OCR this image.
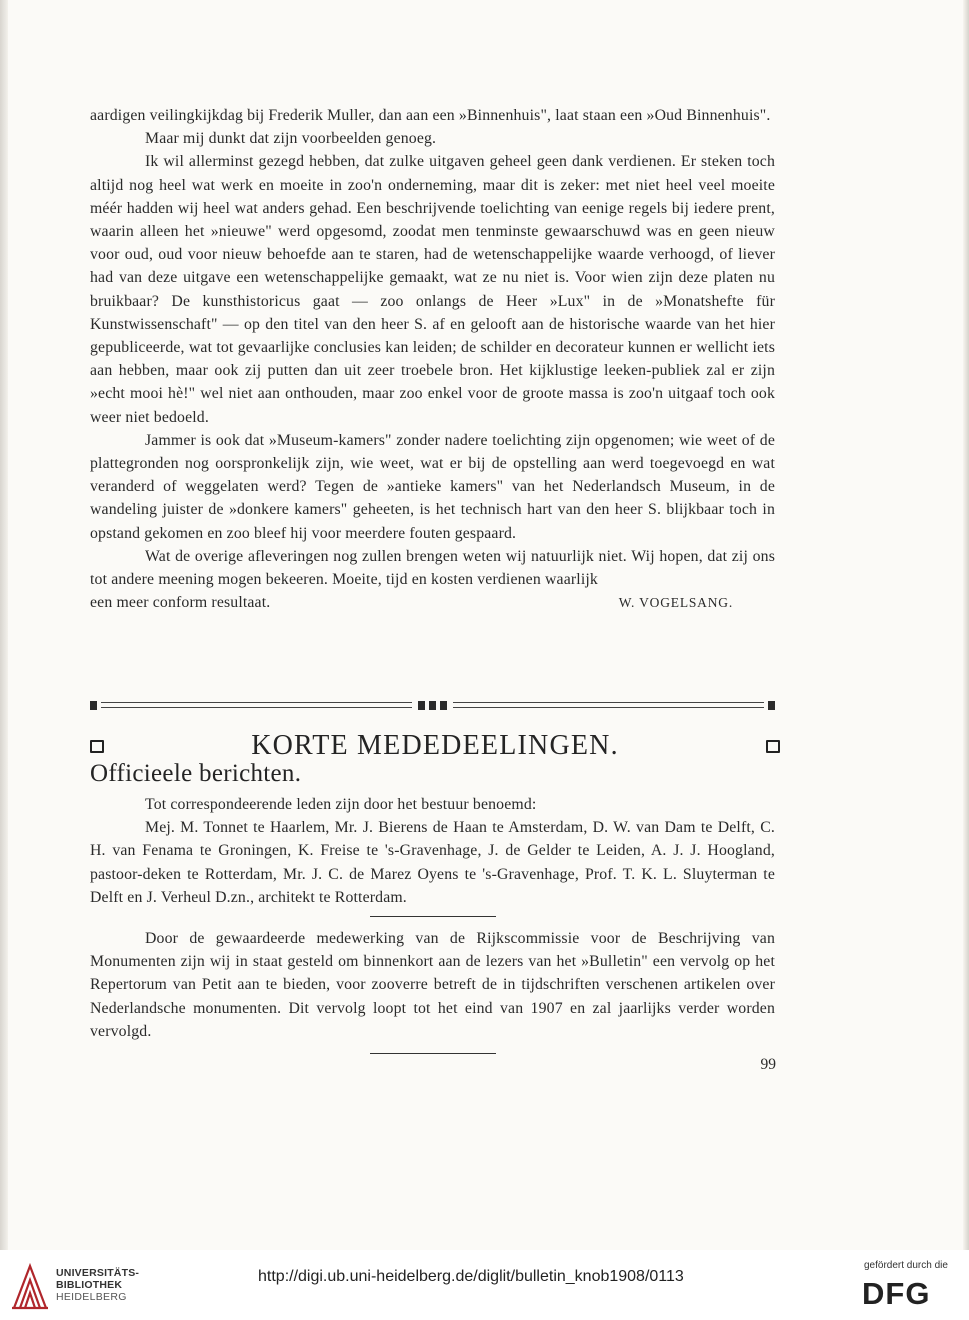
aardigen veilingkijkdag bij Frederik Muller, dan aan een »Binnenhuis", laat staan een »Oud Binnenhuis".

Maar mij dunkt dat zijn voorbeelden genoeg.

Ik wil allerminst gezegd hebben, dat zulke uitgaven geheel geen dank verdienen. Er steken toch altijd nog heel wat werk en moeite in zoo'n onderneming, maar dit is zeker: met niet heel veel moeite méér hadden wij heel wat anders gehad. Een beschrijvende toelichting van eenige regels bij iedere prent, waarin alleen het »nieuwe" werd opgesomd, zoodat men tenminste gewaarschuwd was en geen nieuw voor oud, oud voor nieuw behoefde aan te staren, had de wetenschappelijke waarde verhoogd, of liever had van deze uitgave een wetenschappelijke gemaakt, wat ze nu niet is. Voor wien zijn deze platen nu bruikbaar? De kunsthistoricus gaat — zoo onlangs de Heer »Lux" in de »Monatshefte für Kunstwissenschaft" — op den titel van den heer S. af en gelooft aan de historische waarde van het hier gepubliceerde, wat tot gevaarlijke conclusies kan leiden; de schilder en decorateur kunnen er wellicht iets aan hebben, maar ook zij putten dan uit zeer troebele bron. Het kijklustige leeken-publiek zal er zijn »echt mooi hè!" wel niet aan onthouden, maar zoo enkel voor de groote massa is zoo'n uitgaaf toch ook weer niet bedoeld.

Jammer is ook dat »Museum-kamers" zonder nadere toelichting zijn opgenomen; wie weet of de plattegronden nog oorspronkelijk zijn, wie weet, wat er bij de opstelling aan werd toegevoegd en wat veranderd of weggelaten werd? Tegen de »antieke kamers" van het Nederlandsch Museum, in de wandeling juister de »donkere kamers" geheeten, is het technisch hart van den heer S. blijkbaar toch in opstand gekomen en zoo bleef hij voor meerdere fouten gespaard.

Wat de overige afleveringen nog zullen brengen weten wij natuurlijk niet. Wij hopen, dat zij ons tot andere meening mogen bekeeren. Moeite, tijd en kosten verdienen waarlijk

een meer conform resultaat.	W. VOGELSANG.
KORTE MEDEDEELINGEN.
Officieele berichten.

Tot correspondeerende leden zijn door het bestuur benoemd:

Mej. M. Tonnet te Haarlem, Mr. J. Bierens de Haan te Amsterdam, D. W. van Dam te Delft, C. H. van Fenama te Groningen, K. Freise te 's-Gravenhage, J. de Gelder te Leiden, A. J. J. Hoogland, pastoor-deken te Rotterdam, Mr. J. C. de Marez Oyens te 's-Gravenhage, Prof. T. K. L. Sluyterman te Delft en J. Verheul D.zn., architekt te Rotterdam.

Door de gewaardeerde medewerking van de Rijkscommissie voor de Beschrijving van Monumenten zijn wij in staat gesteld om binnenkort aan de lezers van het »Bulletin" een vervolg op het Repertorum van Petit aan te bieden, voor zooverre betreft de in tijdschriften verschenen artikelen over Nederlandsche monumenten. Dit vervolg loopt tot het eind van 1907 en zal jaarlijks verder worden vervolgd.

99
UNIVERSITÄTS-
BIBLIOTHEK
HEIDELBERG
http://digi.ub.uni-heidelberg.de/diglit/bulletin_knob1908/0113
gefördert durch die
DFG
